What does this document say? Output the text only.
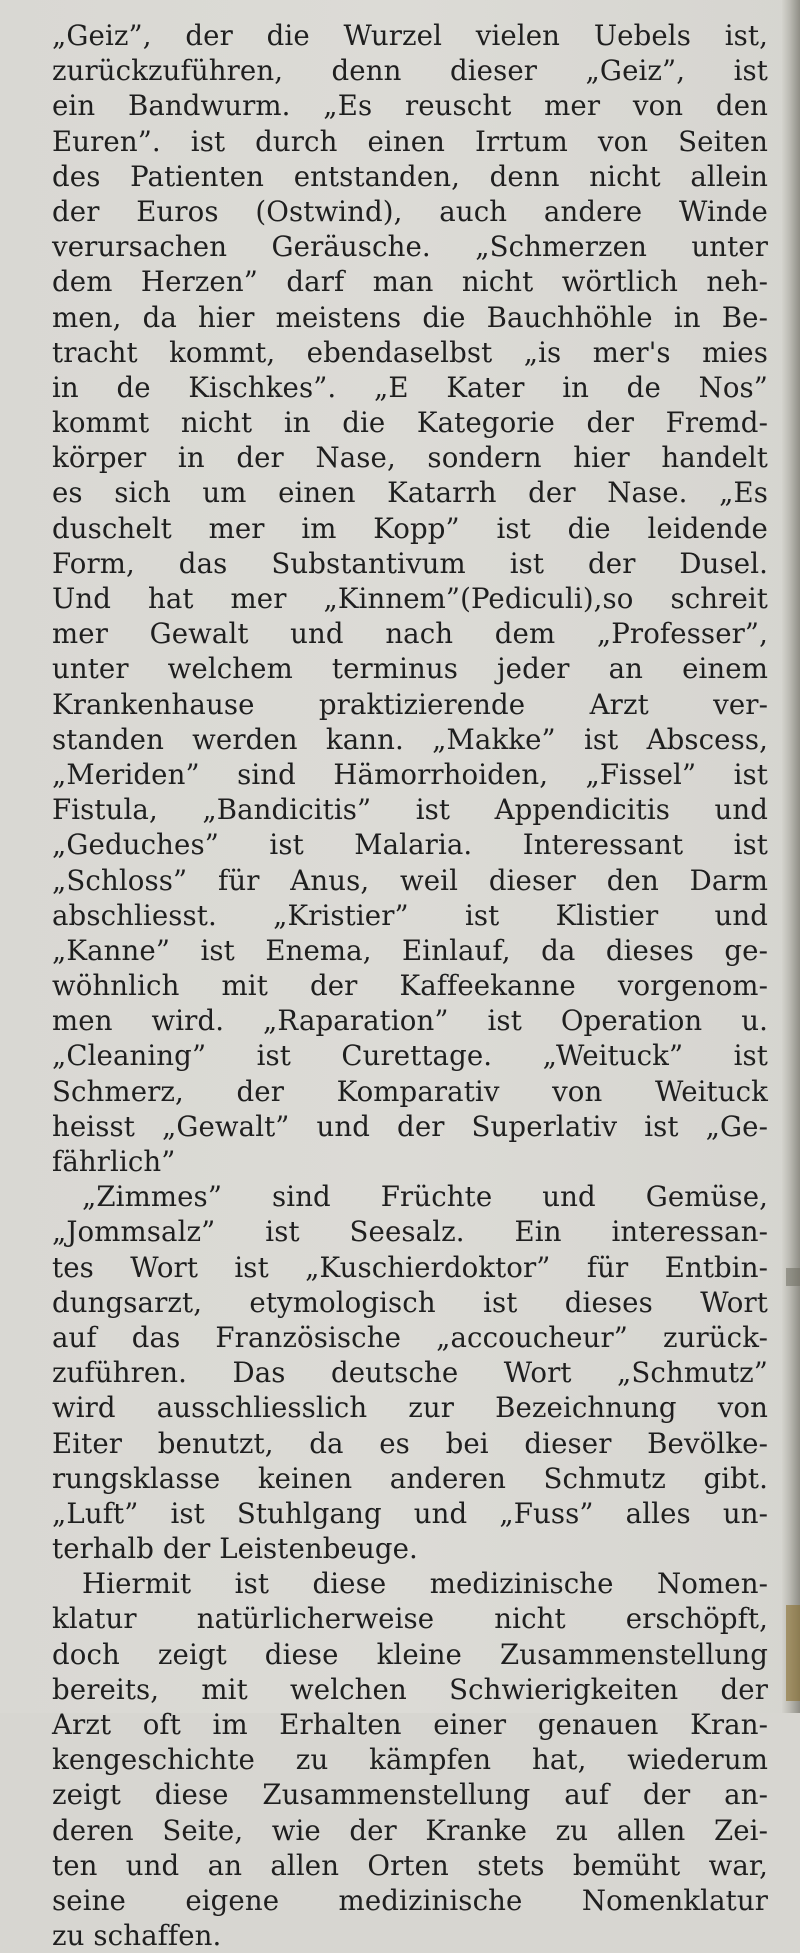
„Geiz”, der die Wurzel vielen Uebels ist,
zurückzuführen, denn dieser „Geiz”, ist
ein Bandwurm. „Es reuscht mer von den
Euren”. ist durch einen Irrtum von Seiten
des Patienten entstanden, denn nicht allein
der Euros (Ostwind), auch andere Winde
verursachen Geräusche. „Schmerzen unter
dem Herzen” darf man nicht wörtlich neh-
men, da hier meistens die Bauchhöhle in Be-
tracht kommt, ebendaselbst „is mer's mies
in de Kischkes”. „E Kater in de Nos”
kommt nicht in die Kategorie der Fremd-
körper in der Nase, sondern hier handelt
es sich um einen Katarrh der Nase. „Es
duschelt mer im Kopp” ist die leidende
Form, das Substantivum ist der Dusel.
Und hat mer „Kinnem”(Pediculi),so schreit
mer Gewalt und nach dem „Professer”,
unter welchem terminus jeder an einem
Krankenhause praktizierende Arzt ver-
standen werden kann. „Makke” ist Abscess,
„Meriden” sind Hämorrhoiden, „Fissel” ist
Fistula, „Bandicitis” ist Appendicitis und
„Geduches” ist Malaria. Interessant ist
„Schloss” für Anus, weil dieser den Darm
abschliesst. „Kristier” ist Klistier und
„Kanne” ist Enema, Einlauf, da dieses ge-
wöhnlich mit der Kaffeekanne vorgenom-
men wird. „Raparation” ist Operation u.
„Cleaning” ist Curettage. „Weituck” ist
Schmerz, der Komparativ von Weituck
heisst „Gewalt” und der Superlativ ist „Ge-
fährlich”
„Zimmes” sind Früchte und Gemüse,
„Jommsalz” ist Seesalz. Ein interessan-
tes Wort ist „Kuschierdoktor” für Entbin-
dungsarzt, etymologisch ist dieses Wort
auf das Französische „accoucheur” zurück-
zuführen. Das deutsche Wort „Schmutz”
wird ausschliesslich zur Bezeichnung von
Eiter benutzt, da es bei dieser Bevölke-
rungsklasse keinen anderen Schmutz gibt.
„Luft” ist Stuhlgang und „Fuss” alles un-
terhalb der Leistenbeuge.
Hiermit ist diese medizinische Nomen-
klatur natürlicherweise nicht erschöpft,
doch zeigt diese kleine Zusammenstellung
bereits, mit welchen Schwierigkeiten der
Arzt oft im Erhalten einer genauen Kran-
kengeschichte zu kämpfen hat, wiederum
zeigt diese Zusammenstellung auf der an-
deren Seite, wie der Kranke zu allen Zei-
ten und an allen Orten stets bemüht war,
seine eigene medizinische Nomenklatur
zu schaffen.
